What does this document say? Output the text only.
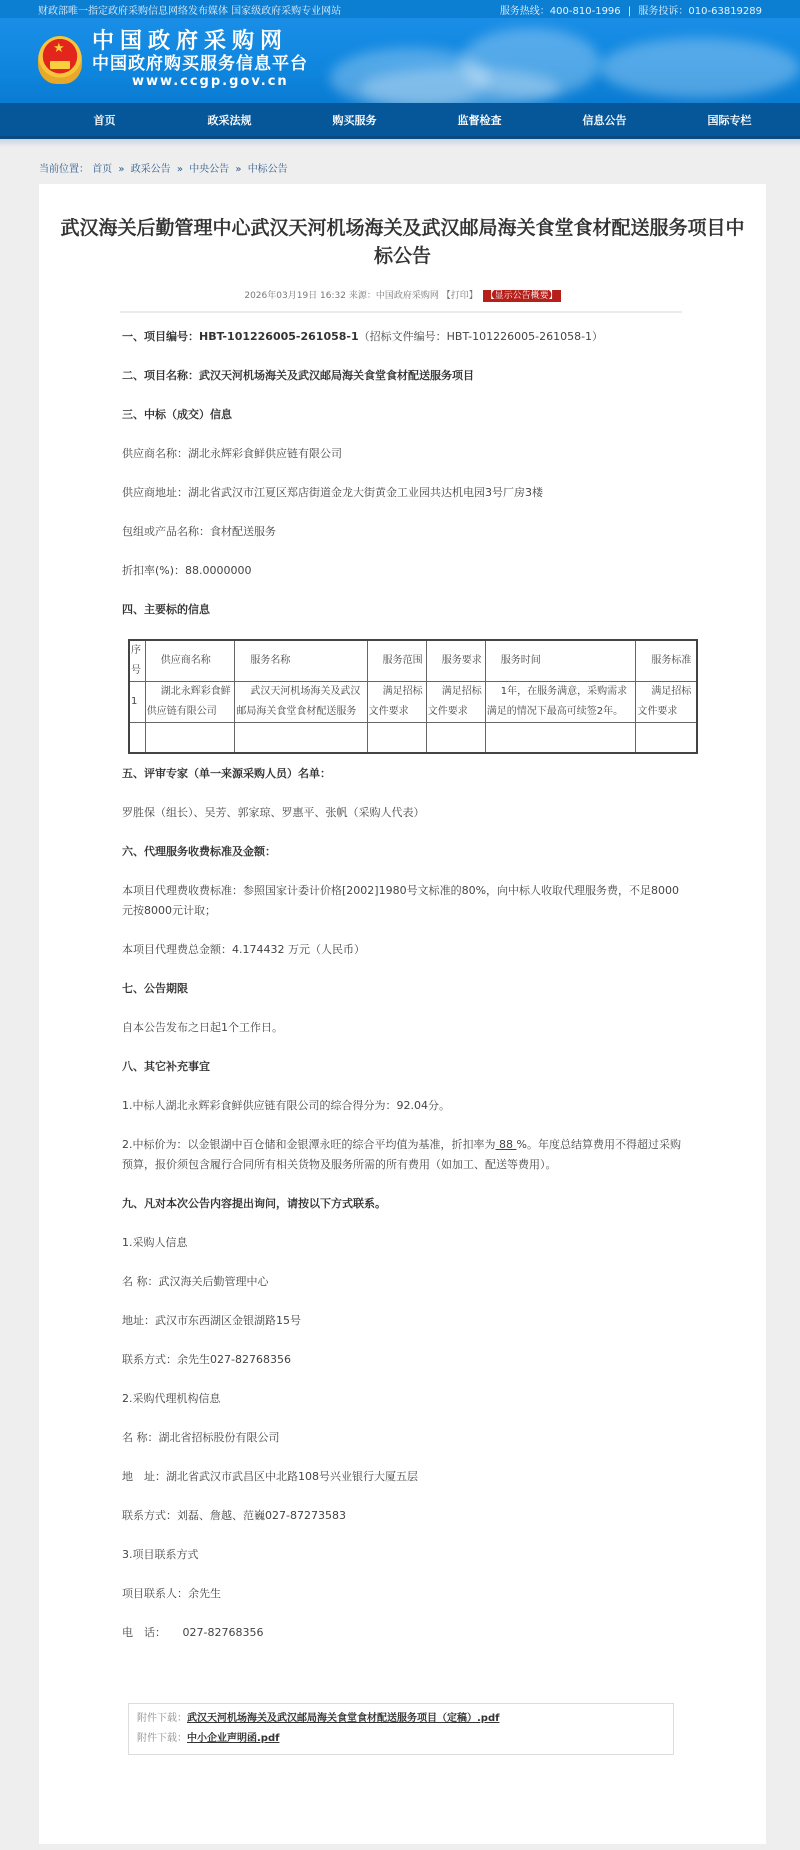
财政部唯一指定政府采购信息网络发布媒体 国家级政府采购专业网站	服务热线：400-810-1996 | 服务投诉：010-63819289
★ 中国政府采购网
中国政府购买服务信息平台
www.ccgp.gov.cn
首页	政采法规	购买服务	监督检查	信息公告	国际专栏
当前位置： 首页 » 政采公告 » 中央公告 » 中标公告
武汉海关后勤管理中心武汉天河机场海关及武汉邮局海关食堂食材配送服务项目中标公告
2026年03月19日 16:32 来源：中国政府采购网 【打印】 【显示公告概要】

一、项目编号：HBT-101226005-261058-1（招标文件编号：HBT-101226005-261058-1）

二、项目名称：武汉天河机场海关及武汉邮局海关食堂食材配送服务项目

三、中标（成交）信息

供应商名称：湖北永辉彩食鲜供应链有限公司

供应商地址：湖北省武汉市江夏区郑店街道金龙大街黄金工业园共达机电园3号厂房3楼

包组或产品名称：食材配送服务

折扣率(%)：88.0000000

四、主要标的信息

序号	供应商名称	服务名称	服务范围	服务要求	服务时间	服务标准
1	湖北永辉彩食鲜供应链有限公司	武汉天河机场海关及武汉邮局海关食堂食材配送服务	满足招标文件要求	满足招标文件要求	1年，在服务满意，采购需求满足的情况下最高可续签2年。	满足招标文件要求

五、评审专家（单一来源采购人员）名单：

罗胜保（组长）、吴芳、郭家琼、罗惠平、张帆（采购人代表）

六、代理服务收费标准及金额：

本项目代理费收费标准：参照国家计委计价格[2002]1980号文标准的80%，向中标人收取代理服务费，不足8000元按8000元计取；

本项目代理费总金额：4.174432 万元（人民币）

七、公告期限

自本公告发布之日起1个工作日。

八、其它补充事宜

1.中标人湖北永辉彩食鲜供应链有限公司的综合得分为：92.04分。

2.中标价为：以金银湖中百仓储和金银潭永旺的综合平均值为基准，折扣率为 88 %。年度总结算费用不得超过采购预算，报价须包含履行合同所有相关货物及服务所需的所有费用（如加工、配送等费用）。

九、凡对本次公告内容提出询问，请按以下方式联系。

1.采购人信息

名 称：武汉海关后勤管理中心

地址：武汉市东西湖区金银湖路15号

联系方式：余先生027-82768356

2.采购代理机构信息

名 称：湖北省招标股份有限公司

地　址：湖北省武汉市武昌区中北路108号兴业银行大厦五层

联系方式：刘磊、詹越、范巍027-87273583

3.项目联系方式

项目联系人：余先生

电　话：　　027-82768356

附件下载：武汉天河机场海关及武汉邮局海关食堂食材配送服务项目（定稿）.pdf
附件下载：中小企业声明函.pdf
